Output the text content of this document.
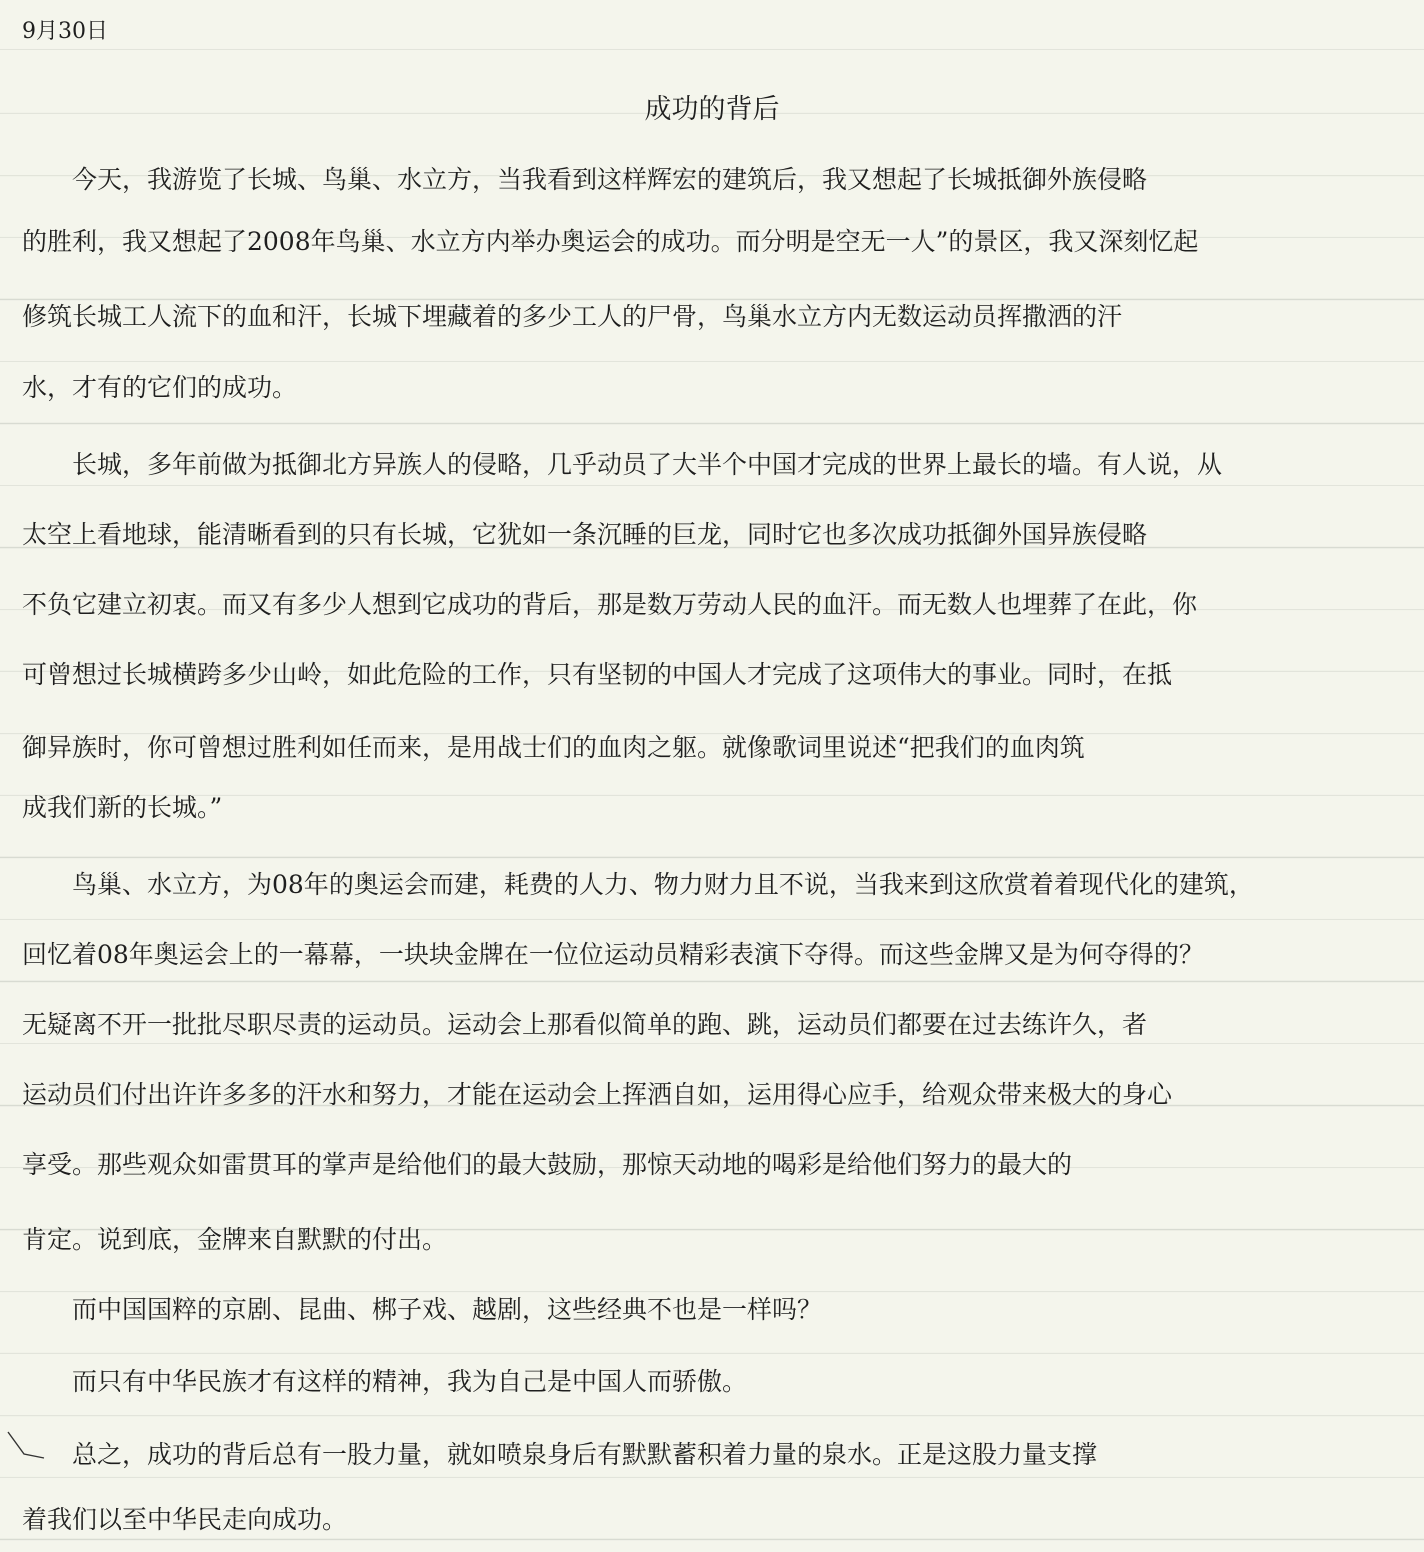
9月30日
成功的背后
　　今天，我游览了长城、鸟巢、水立方，当我看到这样辉宏的建筑后，我又想起了长城抵御外族侵略
的胜利，我又想起了2008年鸟巢、水立方内举办奥运会的成功。而分明是空无一人”的景区，我又深刻忆起
修筑长城工人流下的血和汗，长城下埋藏着的多少工人的尸骨，鸟巢水立方内无数运动员挥撒洒的汗
水，才有的它们的成功。
　　长城，多年前做为抵御北方异族人的侵略，几乎动员了大半个中国才完成的世界上最长的墙。有人说，从
太空上看地球，能清晰看到的只有长城，它犹如一条沉睡的巨龙，同时它也多次成功抵御外国异族侵略
不负它建立初衷。而又有多少人想到它成功的背后，那是数万劳动人民的血汗。而无数人也埋葬了在此，你
可曾想过长城横跨多少山岭，如此危险的工作，只有坚韧的中国人才完成了这项伟大的事业。同时，在抵
御异族时，你可曾想过胜利如任而来，是用战士们的血肉之躯。就像歌词里说述“把我们的血肉筑
成我们新的长城。”
　　鸟巢、水立方，为08年的奥运会而建，耗费的人力、物力财力且不说，当我来到这欣赏着着现代化的建筑，
回忆着08年奥运会上的一幕幕，一块块金牌在一位位运动员精彩表演下夺得。而这些金牌又是为何夺得的？
无疑离不开一批批尽职尽责的运动员。运动会上那看似简单的跑、跳，运动员们都要在过去练许久，者
运动员们付出许许多多的汗水和努力，才能在运动会上挥洒自如，运用得心应手，给观众带来极大的身心
享受。那些观众如雷贯耳的掌声是给他们的最大鼓励，那惊天动地的喝彩是给他们努力的最大的
肯定。说到底，金牌来自默默的付出。
　　而中国国粹的京剧、昆曲、梆子戏、越剧，这些经典不也是一样吗？
　　而只有中华民族才有这样的精神，我为自己是中国人而骄傲。
　　总之，成功的背后总有一股力量，就如喷泉身后有默默蓄积着力量的泉水。正是这股力量支撑
着我们以至中华民走向成功。
